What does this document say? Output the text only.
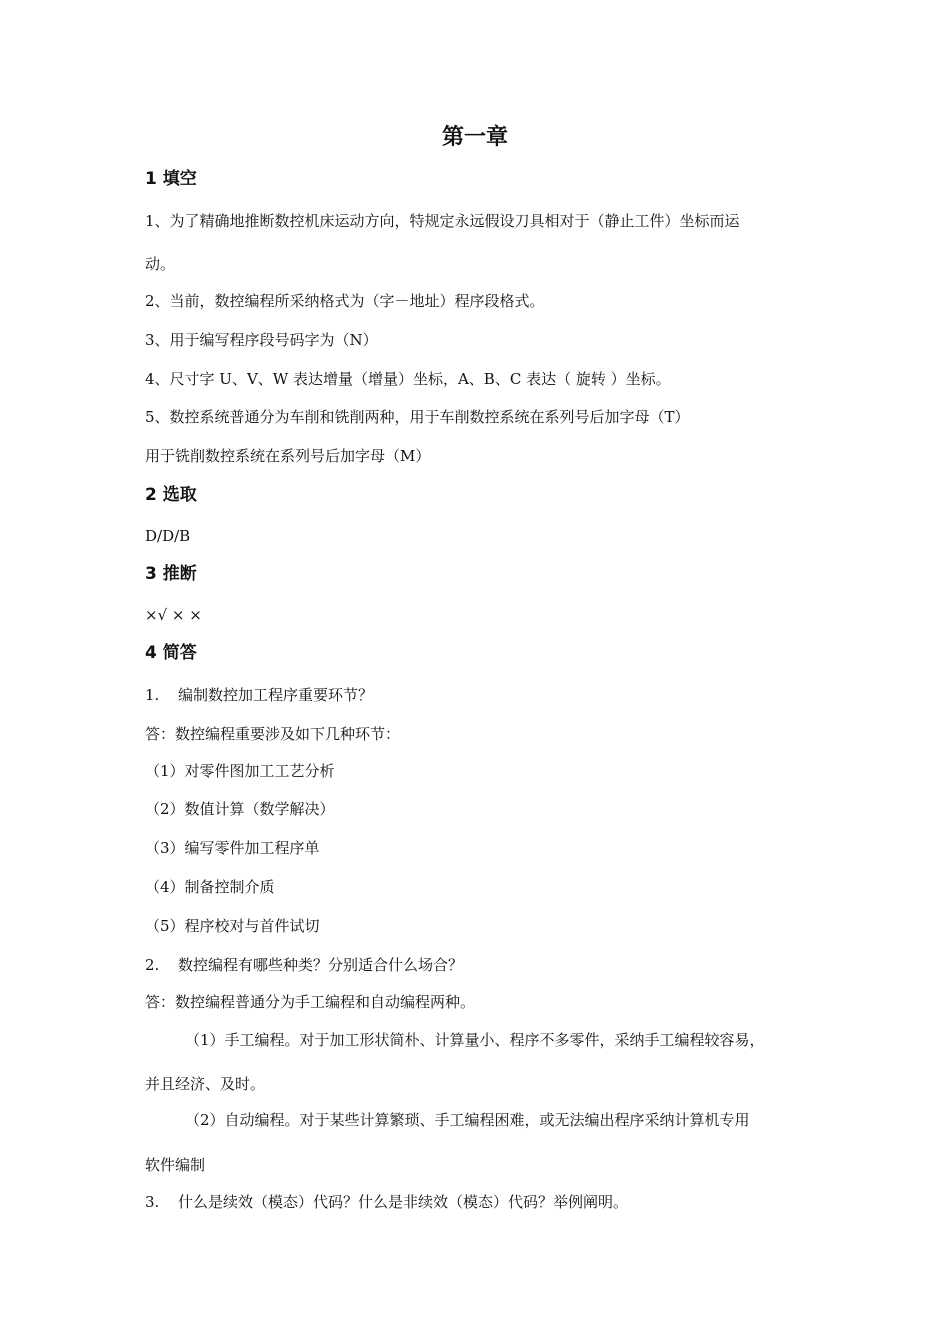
第一章
1 填空
1、为了精确地推断数控机床运动方向，特规定永远假设刀具相对于（静止工件）坐标而运
动。
2、当前，数控编程所采纳格式为（字－地址）程序段格式。
3、用于编写程序段号码字为（N）
4、尺寸字 U、V、W 表达增量（增量）坐标，A、B、C 表达（ 旋转 ）坐标。
5、数控系统普通分为车削和铣削两种，用于车削数控系统在系列号后加字母（T）
用于铣削数控系统在系列号后加字母（M）
2 选取
D/D/B
3 推断
×√ × ×
4 简答
1. 编制数控加工程序重要环节？
答：数控编程重要涉及如下几种环节：
（1）对零件图加工工艺分析
（2）数值计算（数学解决）
（3）编写零件加工程序单
（4）制备控制介质
（5）程序校对与首件试切
2. 数控编程有哪些种类？分别适合什么场合？
答：数控编程普通分为手工编程和自动编程两种。
（1）手工编程。对于加工形状简朴、计算量小、程序不多零件，采纳手工编程较容易，
并且经济、及时。
（2）自动编程。对于某些计算繁琐、手工编程困难，或无法编出程序采纳计算机专用
软件编制
3. 什么是续效（模态）代码？什么是非续效（模态）代码？举例阐明。
